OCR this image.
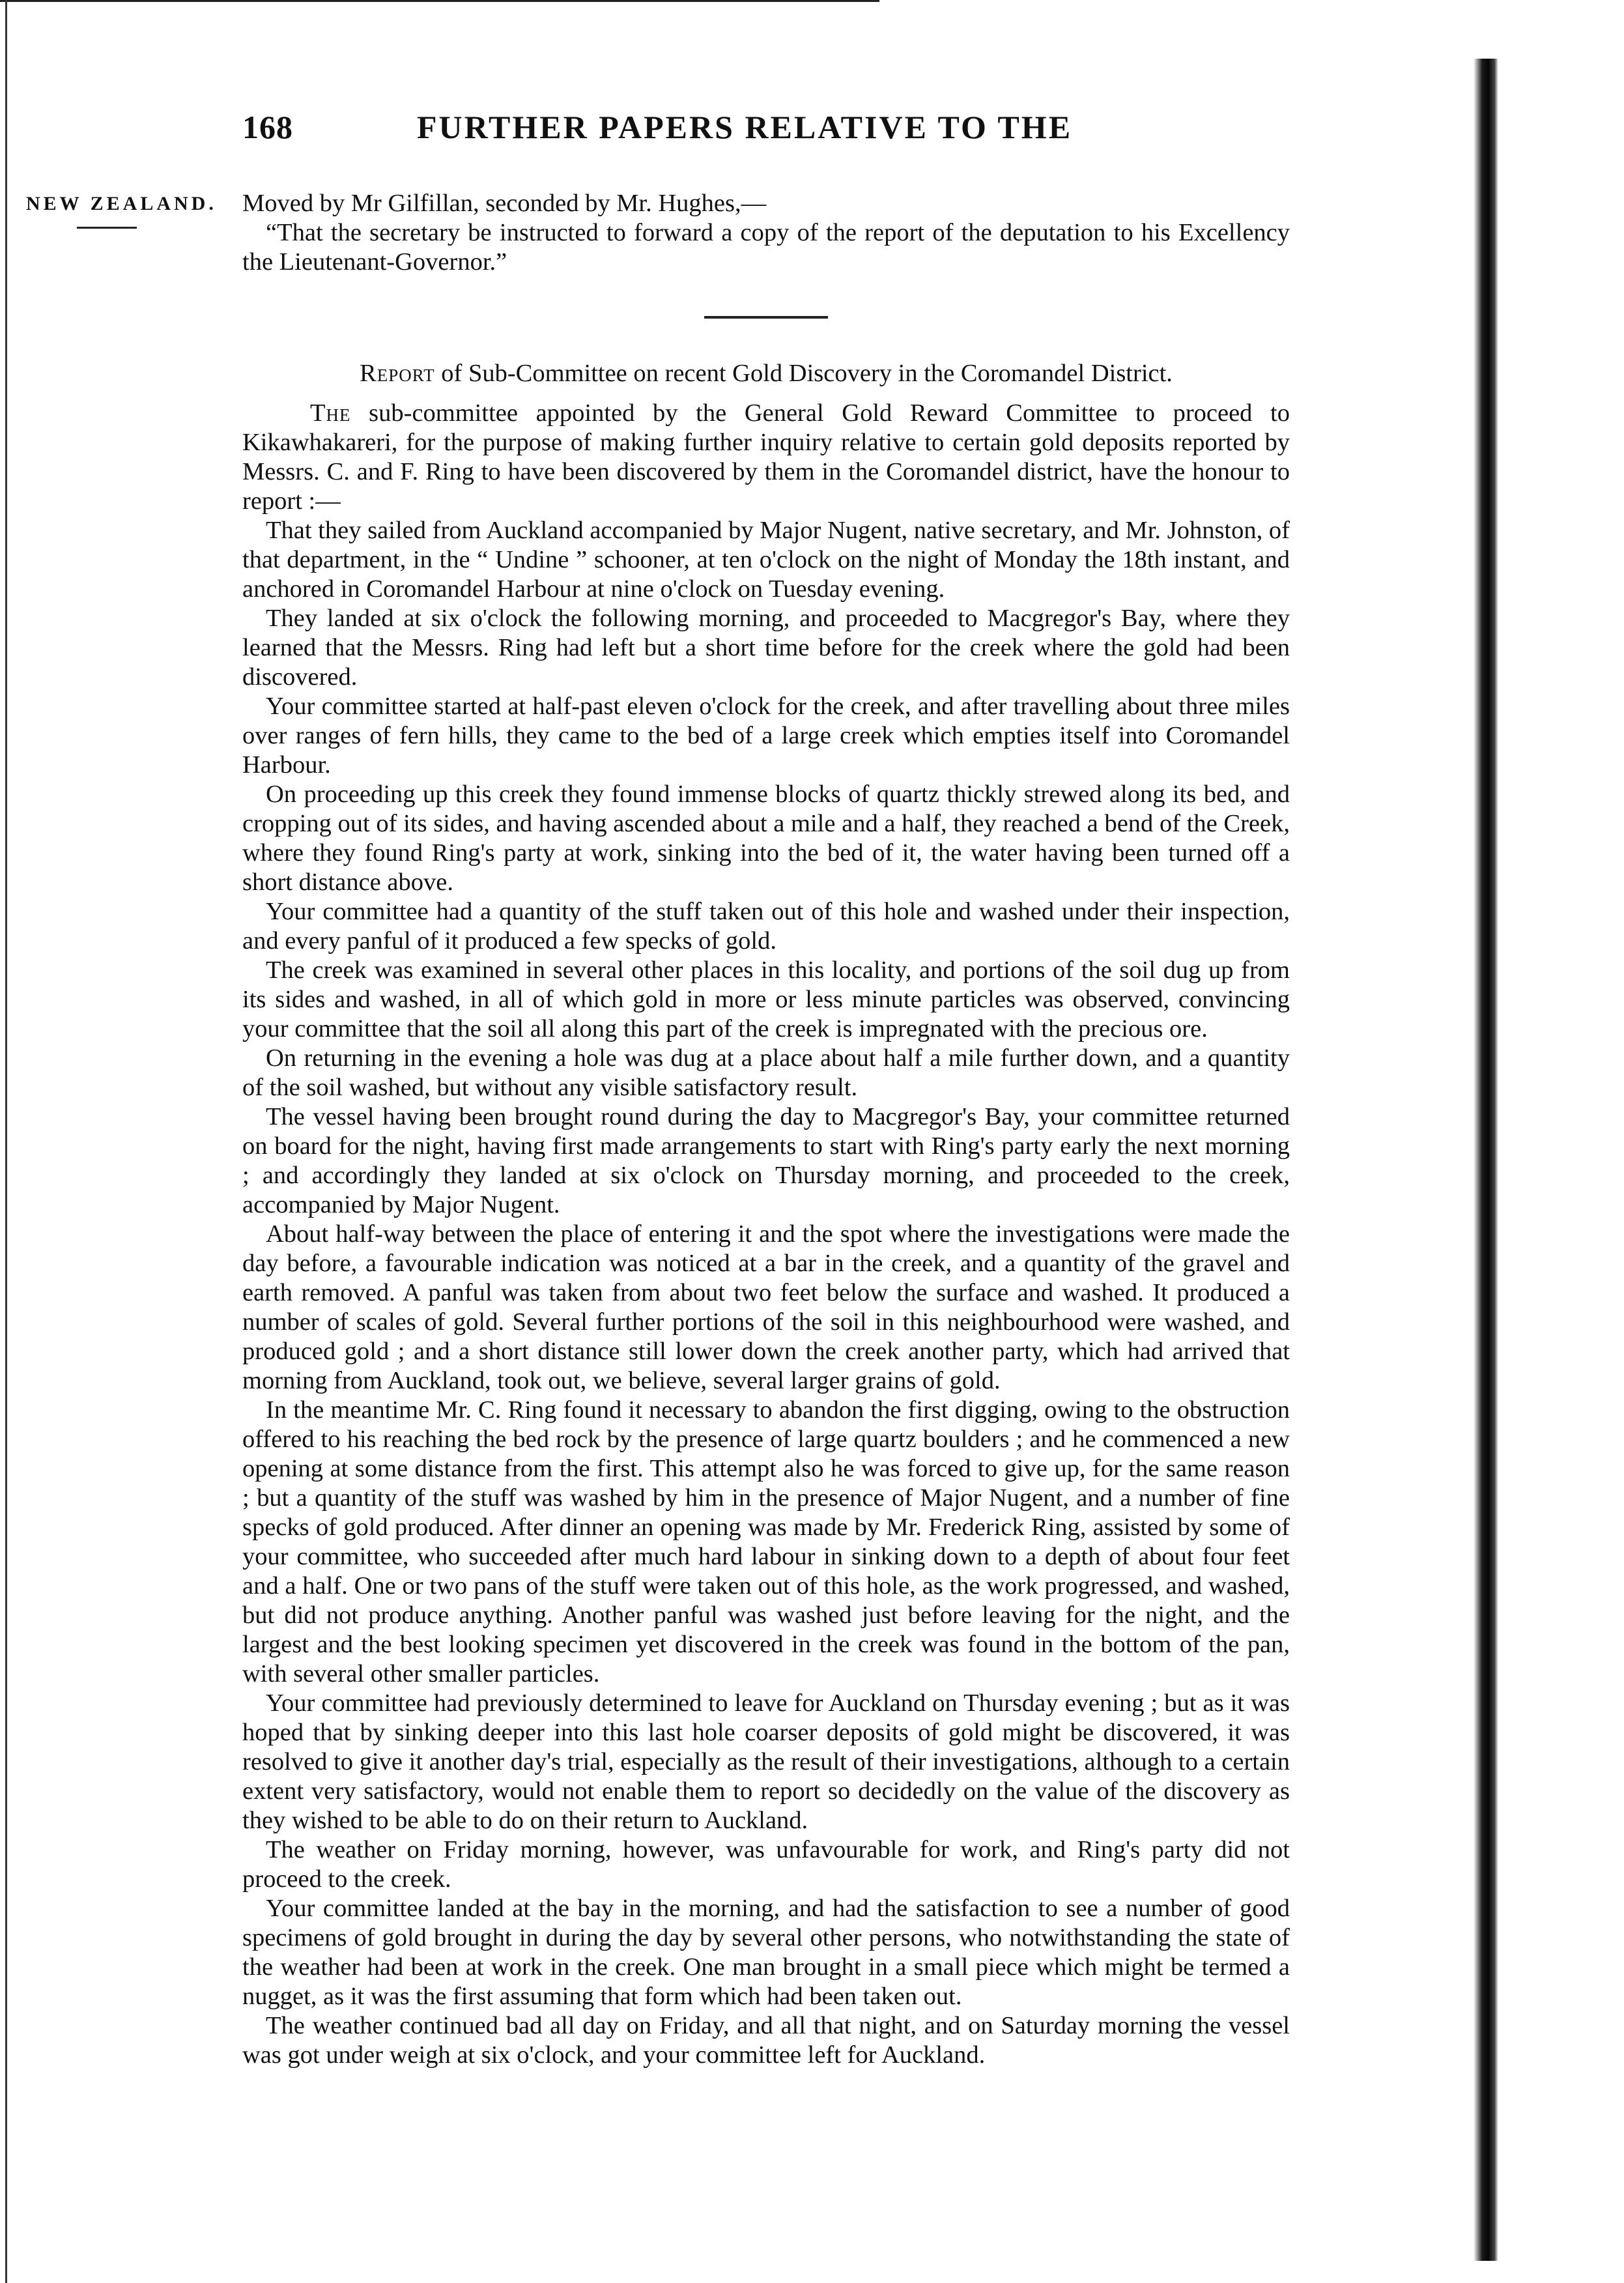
168	FURTHER PAPERS RELATIVE TO THE
NEW ZEALAND. Moved by Mr Gilfillan, seconded by Mr. Hughes,—

“That the secretary be instructed to forward a copy of the report of the deputation to his Excellency the Lieutenant-Governor.”

Report of Sub-Committee on recent Gold Discovery in the Coromandel District.

The sub-committee appointed by the General Gold Reward Committee to proceed to Kikawhakareri, for the purpose of making further inquiry relative to certain gold deposits reported by Messrs. C. and F. Ring to have been discovered by them in the Coromandel district, have the honour to report :—

That they sailed from Auckland accompanied by Major Nugent, native secretary, and Mr. Johnston, of that department, in the “ Undine ” schooner, at ten o'clock on the night of Monday the 18th instant, and anchored in Coromandel Harbour at nine o'clock on Tuesday evening.

They landed at six o'clock the following morning, and proceeded to Macgregor's Bay, where they learned that the Messrs. Ring had left but a short time before for the creek where the gold had been discovered.

Your committee started at half-past eleven o'clock for the creek, and after travelling about three miles over ranges of fern hills, they came to the bed of a large creek which empties itself into Coromandel Harbour.

On proceeding up this creek they found immense blocks of quartz thickly strewed along its bed, and cropping out of its sides, and having ascended about a mile and a half, they reached a bend of the Creek, where they found Ring's party at work, sinking into the bed of it, the water having been turned off a short distance above.

Your committee had a quantity of the stuff taken out of this hole and washed under their inspection, and every panful of it produced a few specks of gold.

The creek was examined in several other places in this locality, and portions of the soil dug up from its sides and washed, in all of which gold in more or less minute particles was observed, convincing your committee that the soil all along this part of the creek is impregnated with the precious ore.

On returning in the evening a hole was dug at a place about half a mile further down, and a quantity of the soil washed, but without any visible satisfactory result.

The vessel having been brought round during the day to Macgregor's Bay, your committee returned on board for the night, having first made arrangements to start with Ring's party early the next morning ; and accordingly they landed at six o'clock on Thursday morning, and proceeded to the creek, accompanied by Major Nugent.

About half-way between the place of entering it and the spot where the investigations were made the day before, a favourable indication was noticed at a bar in the creek, and a quantity of the gravel and earth removed. A panful was taken from about two feet below the surface and washed. It produced a number of scales of gold. Several further portions of the soil in this neighbourhood were washed, and produced gold ; and a short distance still lower down the creek another party, which had arrived that morning from Auckland, took out, we believe, several larger grains of gold.

In the meantime Mr. C. Ring found it necessary to abandon the first digging, owing to the obstruction offered to his reaching the bed rock by the presence of large quartz boulders ; and he commenced a new opening at some distance from the first. This attempt also he was forced to give up, for the same reason ; but a quantity of the stuff was washed by him in the presence of Major Nugent, and a number of fine specks of gold produced. After dinner an opening was made by Mr. Frederick Ring, assisted by some of your committee, who succeeded after much hard labour in sinking down to a depth of about four feet and a half. One or two pans of the stuff were taken out of this hole, as the work progressed, and washed, but did not produce anything. Another panful was washed just before leaving for the night, and the largest and the best looking specimen yet discovered in the creek was found in the bottom of the pan, with several other smaller particles.

Your committee had previously determined to leave for Auckland on Thursday evening ; but as it was hoped that by sinking deeper into this last hole coarser deposits of gold might be discovered, it was resolved to give it another day's trial, especially as the result of their investigations, although to a certain extent very satisfactory, would not enable them to report so decidedly on the value of the discovery as they wished to be able to do on their return to Auckland.

The weather on Friday morning, however, was unfavourable for work, and Ring's party did not proceed to the creek.

Your committee landed at the bay in the morning, and had the satisfaction to see a number of good specimens of gold brought in during the day by several other persons, who notwithstanding the state of the weather had been at work in the creek. One man brought in a small piece which might be termed a nugget, as it was the first assuming that form which had been taken out.

The weather continued bad all day on Friday, and all that night, and on Saturday morning the vessel was got under weigh at six o'clock, and your committee left for Auckland.
